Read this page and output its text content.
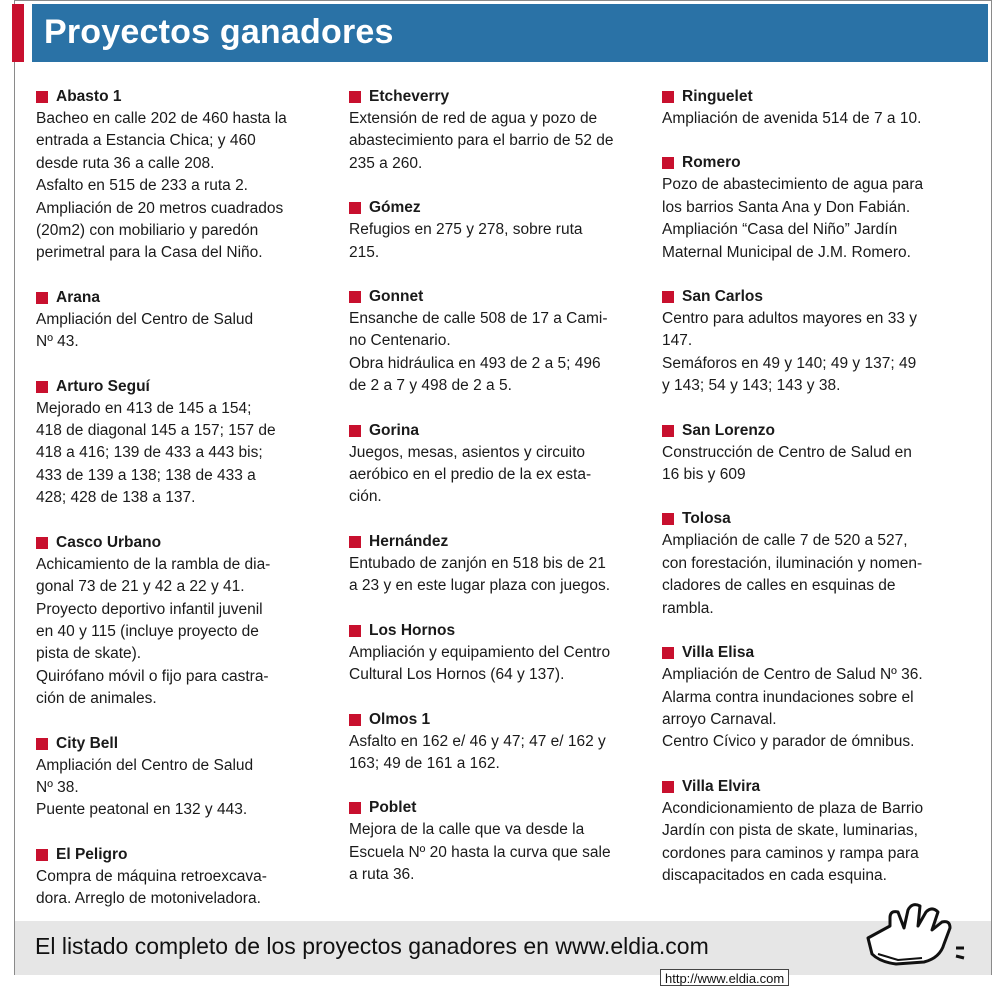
Proyectos ganadores
Abasto 1
Bacheo en calle 202 de 460 hasta la
entrada a Estancia Chica; y 460
desde ruta 36 a calle 208.
Asfalto en 515 de 233 a ruta 2.
Ampliación de 20 metros cuadrados
(20m2) con mobiliario y paredón
perimetral para la Casa del Niño.
Arana
Ampliación del Centro de Salud
Nº 43.
Arturo Seguí
Mejorado en 413 de 145 a 154;
418 de diagonal 145 a 157; 157 de
418 a 416; 139 de 433 a 443 bis;
433 de 139 a 138; 138 de 433 a
428; 428 de 138 a 137.
Casco Urbano
Achicamiento de la rambla de dia-
gonal 73 de 21 y 42 a 22 y 41.
Proyecto deportivo infantil juvenil
en 40 y 115 (incluye proyecto de
pista de skate).
Quirófano móvil o fijo para castra-
ción de animales.
City Bell
Ampliación del Centro de Salud
Nº 38.
Puente peatonal en 132 y 443.
El Peligro
Compra de máquina retroexcava-
dora. Arreglo de motoniveladora.
Etcheverry
Extensión de red de agua y pozo de
abastecimiento para el barrio de 52 de
235 a 260.
Gómez
Refugios en 275 y 278, sobre ruta
215.
Gonnet
Ensanche de calle 508 de 17 a Cami-
no Centenario.
Obra hidráulica en 493 de 2 a 5; 496
de 2 a 7 y 498 de 2 a 5.
Gorina
Juegos, mesas, asientos y circuito
aeróbico en el predio de la ex esta-
ción.
Hernández
Entubado de zanjón en 518 bis de 21
a 23 y en este lugar plaza con juegos.
Los Hornos
Ampliación y equipamiento del Centro
Cultural Los Hornos (64 y 137).
Olmos 1
Asfalto en 162 e/ 46 y 47; 47 e/ 162 y
163; 49 de 161 a 162.
Poblet
Mejora de la calle que va desde la
Escuela Nº 20 hasta la curva que sale
a ruta 36.
Ringuelet
Ampliación de avenida 514 de 7 a 10.
Romero
Pozo de abastecimiento de agua para
los barrios Santa Ana y Don Fabián.
Ampliación “Casa del Niño” Jardín
Maternal Municipal de J.M. Romero.
San Carlos
Centro para adultos mayores en 33 y
147.
Semáforos en 49 y 140; 49 y 137; 49
y 143; 54 y 143; 143 y 38.
San Lorenzo
Construcción de Centro de Salud en
16 bis y 609
Tolosa
Ampliación de calle 7 de 520 a 527,
con forestación, iluminación y nomen-
cladores de calles en esquinas de
rambla.
Villa Elisa
Ampliación de Centro de Salud Nº 36.
Alarma contra inundaciones sobre el
arroyo Carnaval.
Centro Cívico y parador de ómnibus.
Villa Elvira
Acondicionamiento de plaza de Barrio
Jardín con pista de skate, luminarias,
cordones para caminos y rampa para
discapacitados en cada esquina.
El listado completo de los proyectos ganadores en www.eldia.com
http://www.eldia.com
